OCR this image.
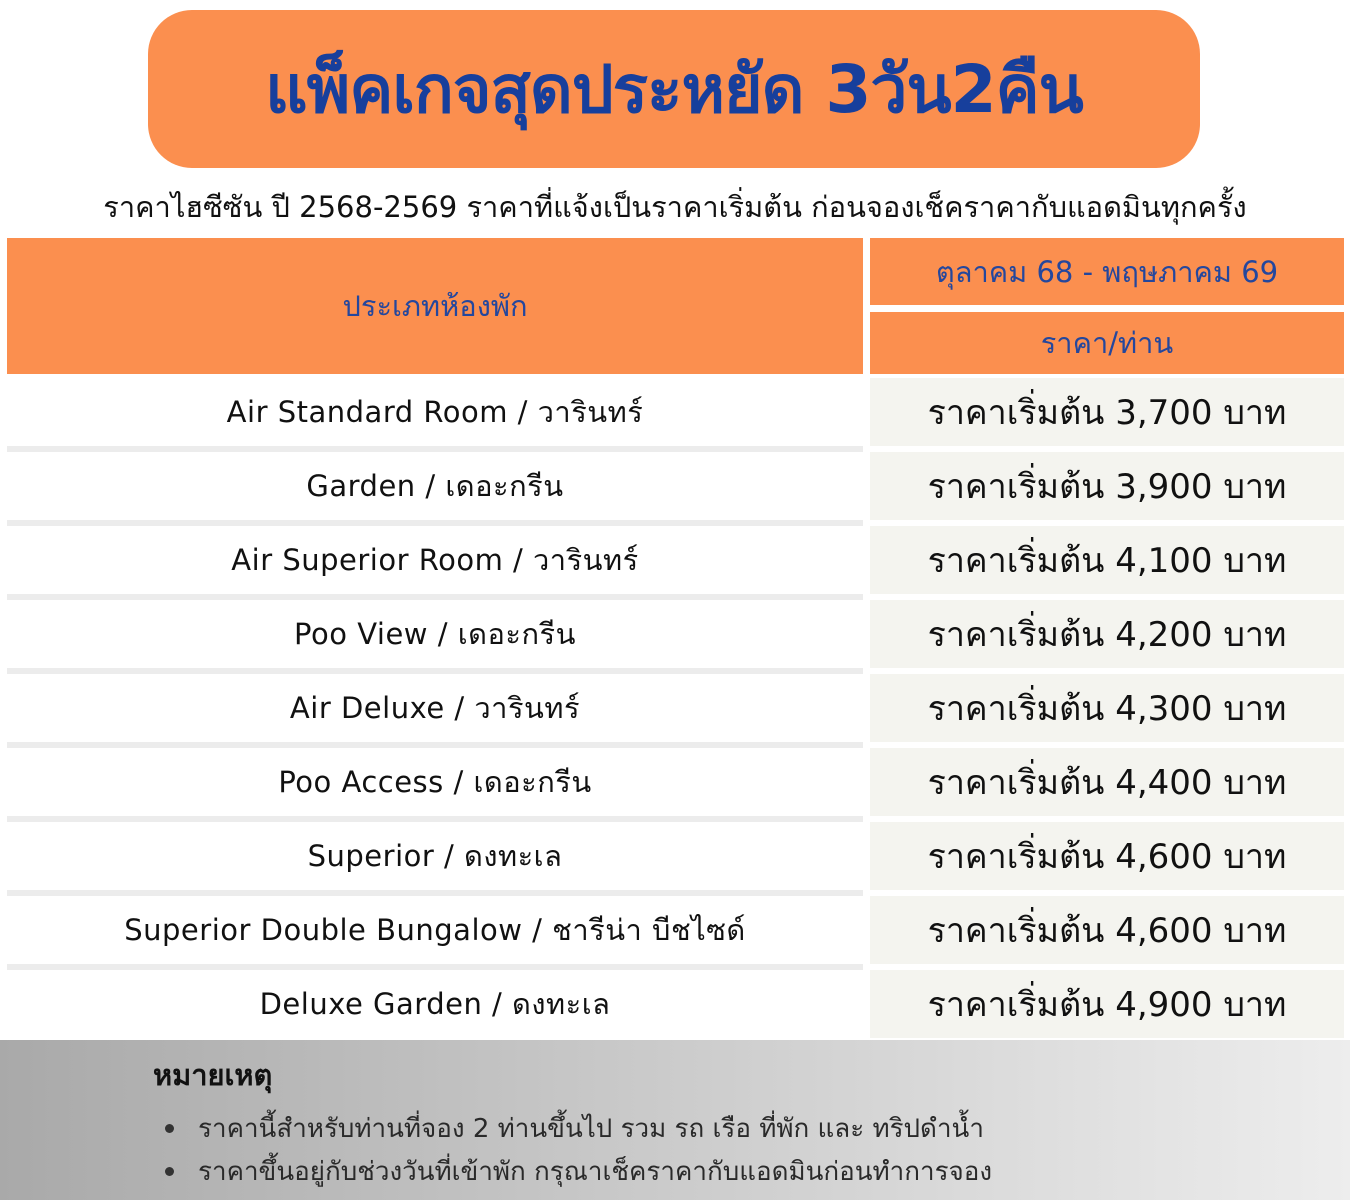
แพ็คเกจสุดประหยัด 3วัน2คืน
ราคาไฮซีซัน ปี 2568-2569 ราคาที่แจ้งเป็นราคาเริ่มต้น ก่อนจองเช็คราคากับแอดมินทุกครั้ง
ประเภทห้องพัก
ตุลาคม 68 - พฤษภาคม 69
ราคา/ท่าน
Air Standard Room / วารินทร์	ราคาเริ่มต้น 3,700 บาท
Garden / เดอะกรีน	ราคาเริ่มต้น 3,900 บาท
Air Superior Room / วารินทร์	ราคาเริ่มต้น 4,100 บาท
Poo View / เดอะกรีน	ราคาเริ่มต้น 4,200 บาท
Air Deluxe / วารินทร์	ราคาเริ่มต้น 4,300 บาท
Poo Access / เดอะกรีน	ราคาเริ่มต้น 4,400 บาท
Superior / ดงทะเล	ราคาเริ่มต้น 4,600 บาท
Superior Double Bungalow / ชารีน่า บีชไซด์	ราคาเริ่มต้น 4,600 บาท
Deluxe Garden / ดงทะเล	ราคาเริ่มต้น 4,900 บาท
หมายเหตุ
ราคานี้สำหรับท่านที่จอง 2 ท่านขึ้นไป รวม รถ เรือ ที่พัก และ ทริปดำน้ำ
ราคาขึ้นอยู่กับช่วงวันที่เข้าพัก กรุณาเช็คราคากับแอดมินก่อนทำการจอง
